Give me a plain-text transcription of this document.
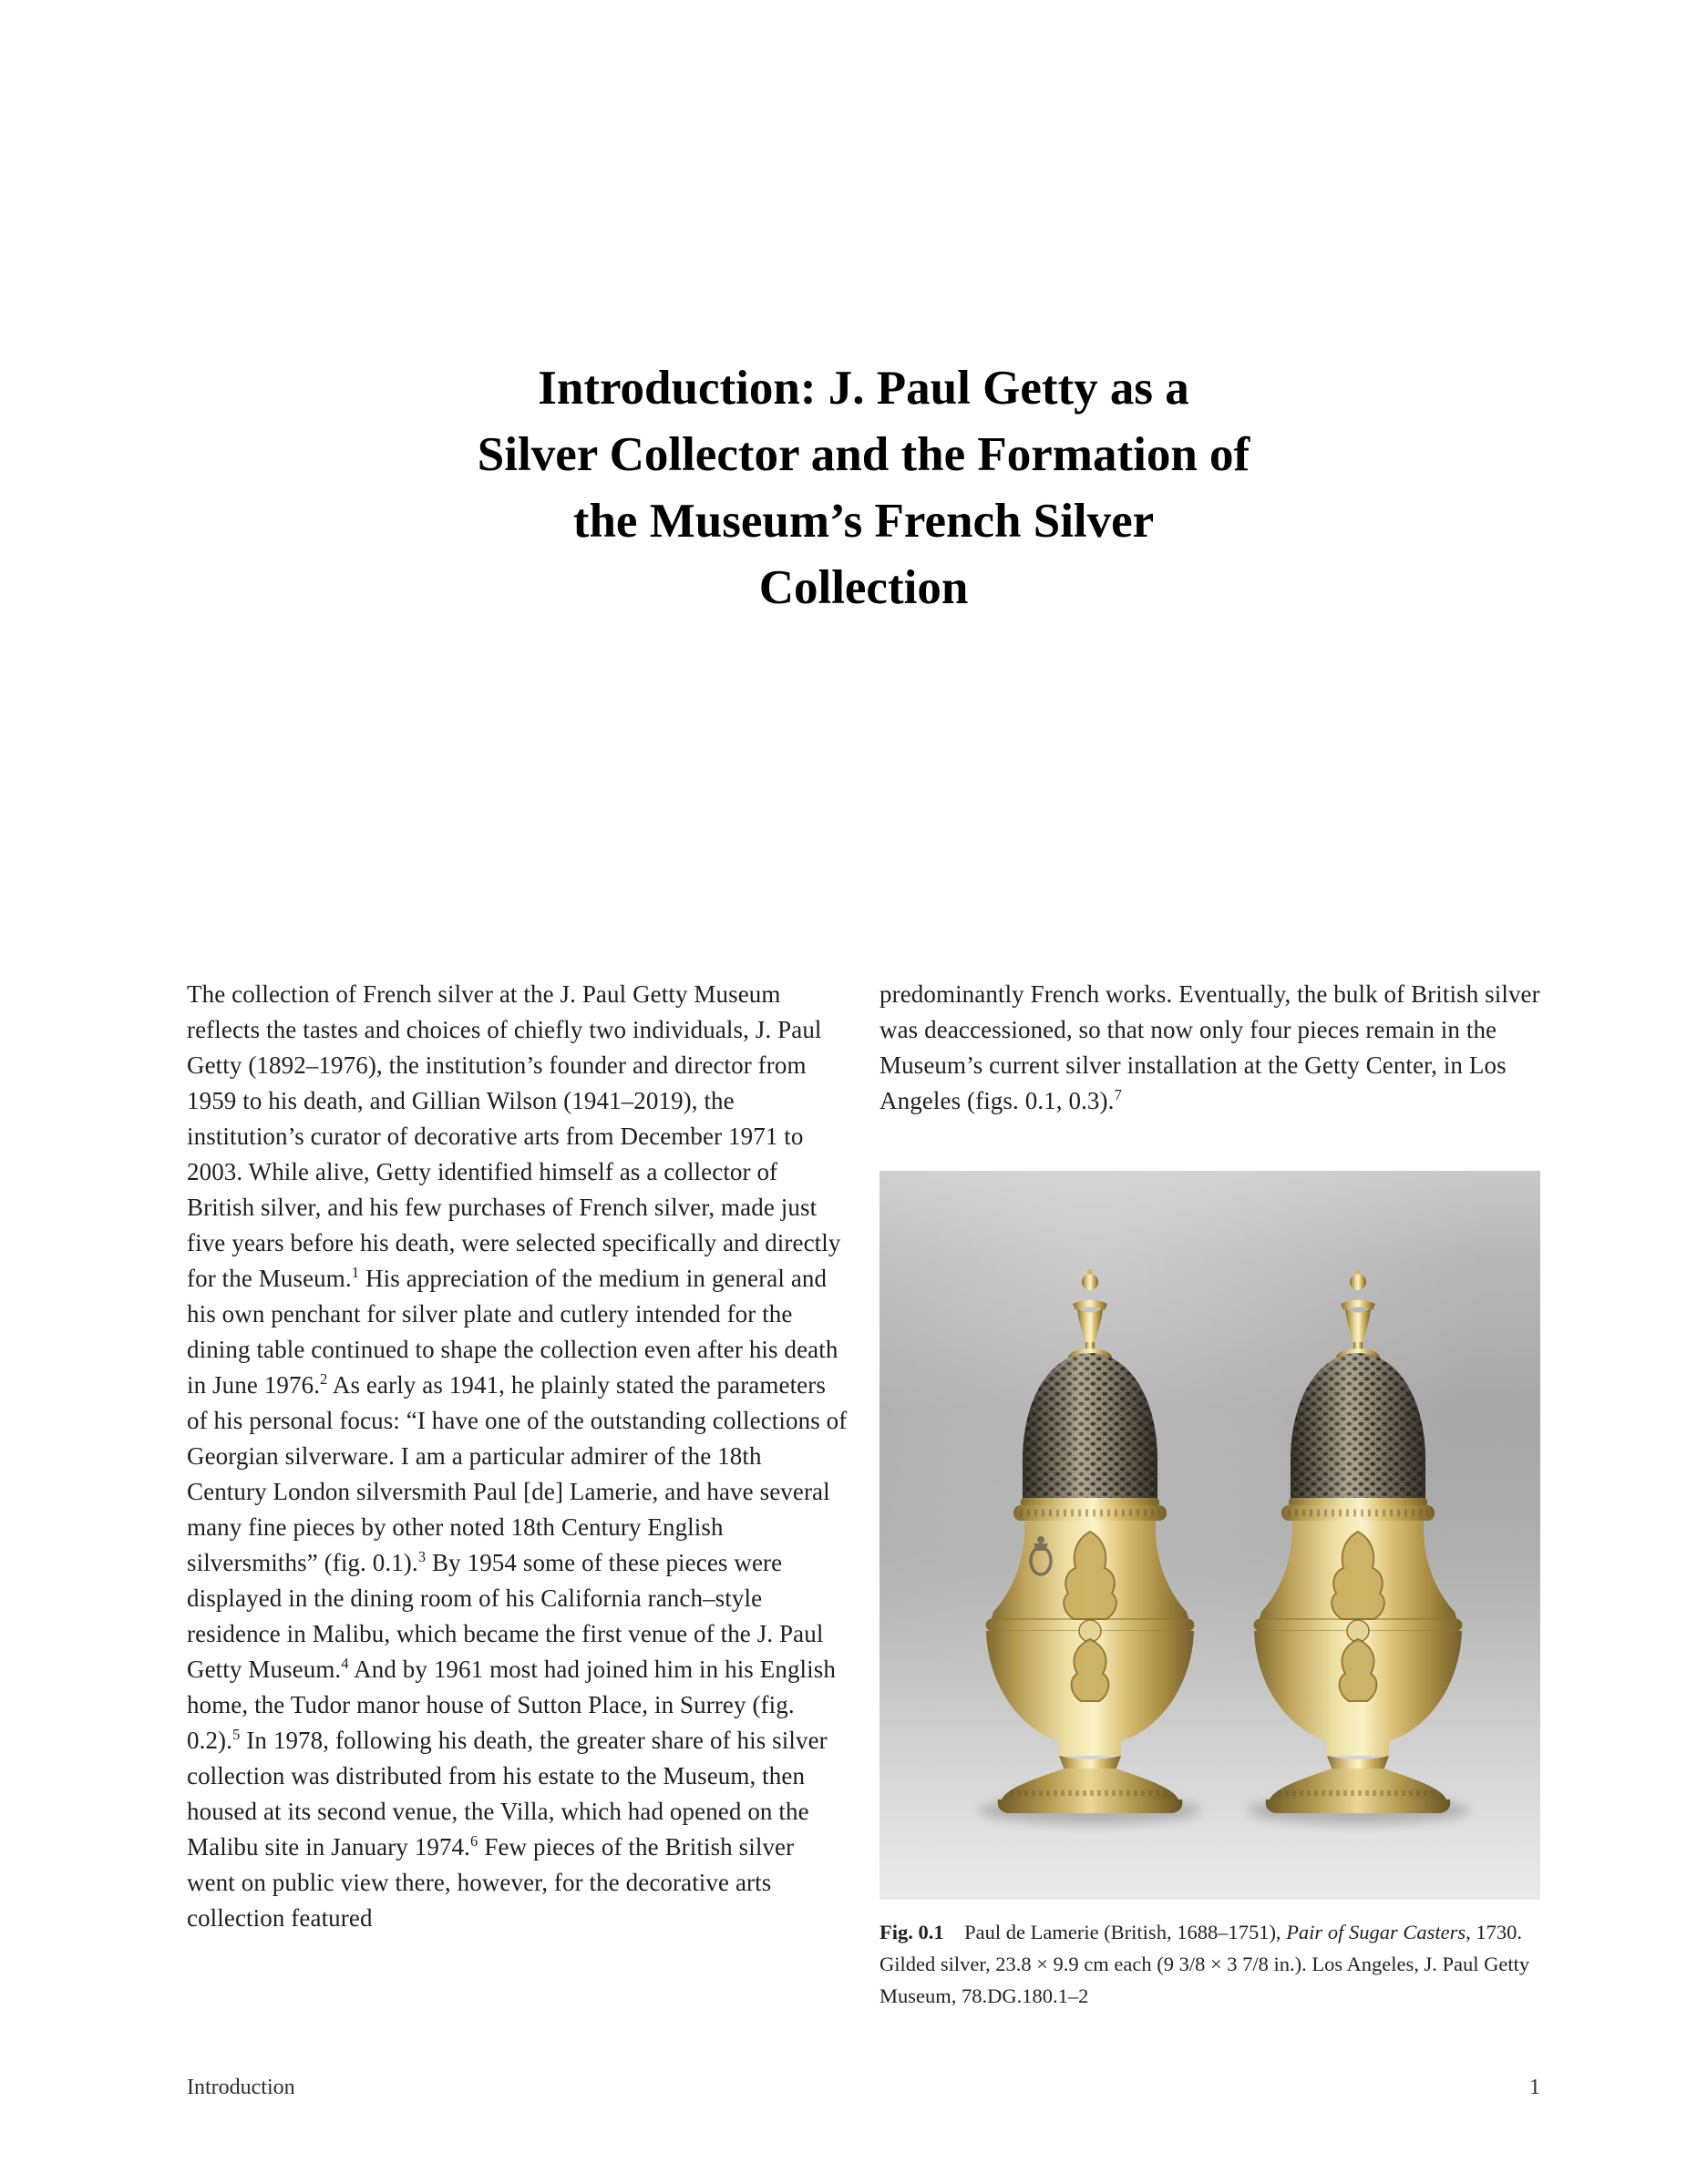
Introduction: J. Paul Getty as a
Silver Collector and the Formation of
the Museum’s French Silver
Collection

The collection of French silver at the J. Paul Getty Museum reflects the tastes and choices of chiefly two individuals, J. Paul Getty (1892–1976), the institution’s founder and director from 1959 to his death, and Gillian Wilson (1941–2019), the institution’s curator of decorative arts from December 1971 to 2003. While alive, Getty identified himself as a collector of British silver, and his few purchases of French silver, made just five years before his death, were selected specifically and directly for the Museum.$^1$ His appreciation of the medium in general and his own penchant for silver plate and cutlery intended for the dining table continued to shape the collection even after his death in June 1976.$^2$ As early as 1941, he plainly stated the parameters of his personal focus: “I have one of the outstanding collections of Georgian silverware. I am a particular admirer of the 18th Century London silversmith Paul [de] Lamerie, and have several many fine pieces by other noted 18th Century English silversmiths” (fig. 0.1).$^3$ By 1954 some of these pieces were displayed in the dining room of his California ranch–style residence in Malibu, which became the first venue of the J. Paul Getty Museum.$^4$ And by 1961 most had joined him in his English home, the Tudor manor house of Sutton Place, in Surrey (fig. 0.2).$^5$ In 1978, following his death, the greater share of his silver collection was distributed from his estate to the Museum, then housed at its second venue, the Villa, which had opened on the Malibu site in January 1974.$^6$ Few pieces of the British silver went on public view there, however, for the decorative arts collection featured

predominantly French works. Eventually, the bulk of British silver was deaccessioned, so that now only four pieces remain in the Museum’s current silver installation at the Getty Center, in Los Angeles (figs. 0.1, 0.3).$^7$

Fig. 0.1 Paul de Lamerie (British, 1688–1751), Pair of Sugar Casters, 1730. Gilded silver, 23.8 × 9.9 cm each (9 3/8 × 3 7/8 in.). Los Angeles, J. Paul Getty Museum, 78.DG.180.1–2
Introduction	1
